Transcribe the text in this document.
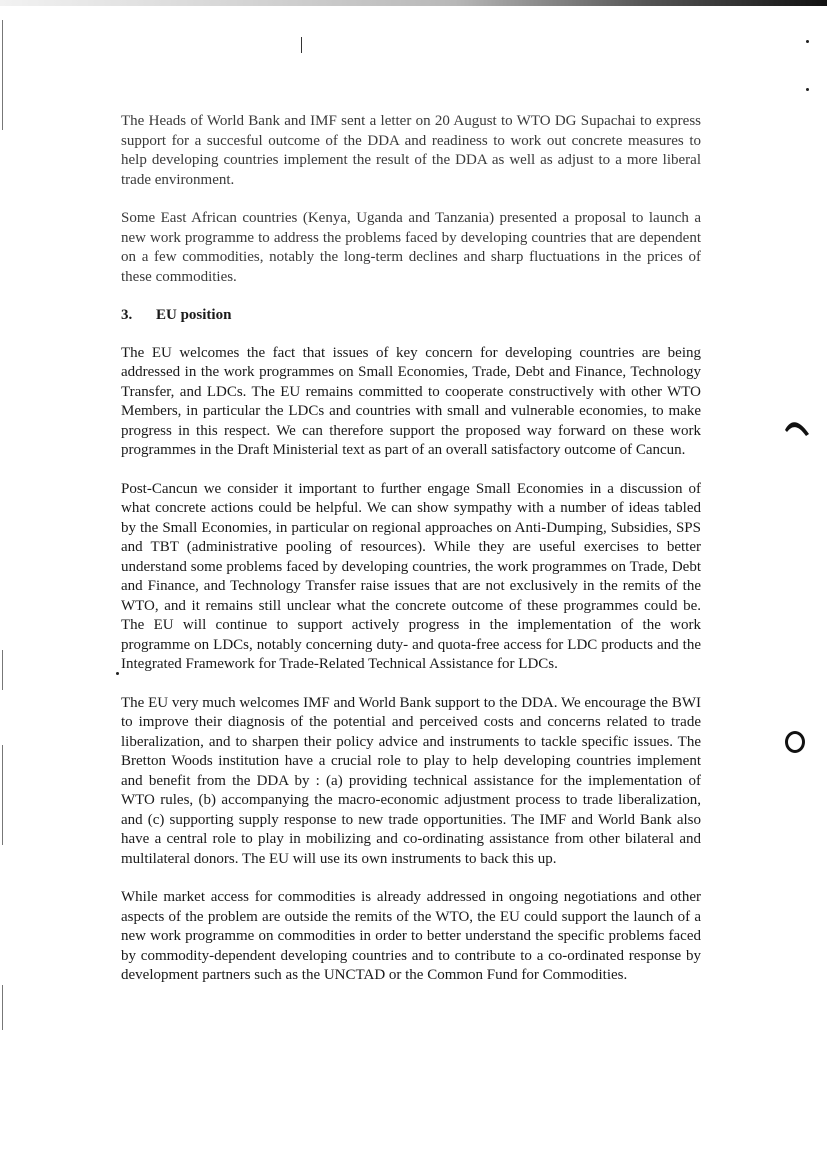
The Heads of World Bank and IMF sent a letter on 20 August to WTO DG Supachai to express support for a succesful outcome of the DDA and readiness to work out concrete measures to help developing countries implement the result of the DDA as well as adjust to a more liberal trade environment.

Some East African countries (Kenya, Uganda and Tanzania) presented a proposal to launch a new work programme to address the problems faced by developing countries that are dependent on a few commodities, notably the long-term declines and sharp fluctuations in the prices of these commodities.

3. EU position

The EU welcomes the fact that issues of key concern for developing countries are being addressed in the work programmes on Small Economies, Trade, Debt and Finance, Technology Transfer, and LDCs. The EU remains committed to cooperate constructively with other WTO Members, in particular the LDCs and countries with small and vulnerable economies, to make progress in this respect. We can therefore support the proposed way forward on these work programmes in the Draft Ministerial text as part of an overall satisfactory outcome of Cancun.

Post-Cancun we consider it important to further engage Small Economies in a discussion of what concrete actions could be helpful. We can show sympathy with a number of ideas tabled by the Small Economies, in particular on regional approaches on Anti-Dumping, Subsidies, SPS and TBT (administrative pooling of resources). While they are useful exercises to better understand some problems faced by developing countries, the work programmes on Trade, Debt and Finance, and Technology Transfer raise issues that are not exclusively in the remits of the WTO, and it remains still unclear what the concrete outcome of these programmes could be. The EU will continue to support actively progress in the implementation of the work programme on LDCs, notably concerning duty- and quota-free access for LDC products and the Integrated Framework for Trade-Related Technical Assistance for LDCs.

The EU very much welcomes IMF and World Bank support to the DDA. We encourage the BWI to improve their diagnosis of the potential and perceived costs and concerns related to trade liberalization, and to sharpen their policy advice and instruments to tackle specific issues. The Bretton Woods institution have a crucial role to play to help developing countries implement and benefit from the DDA by : (a) providing technical assistance for the implementation of WTO rules, (b) accompanying the macro-economic adjustment process to trade liberalization, and (c) supporting supply response to new trade opportunities. The IMF and World Bank also have a central role to play in mobilizing and co-ordinating assistance from other bilateral and multilateral donors. The EU will use its own instruments to back this up.

While market access for commodities is already addressed in ongoing negotiations and other aspects of the problem are outside the remits of the WTO, the EU could support the launch of a new work programme on commodities in order to better understand the specific problems faced by commodity-dependent developing countries and to contribute to a co-ordinated response by development partners such as the UNCTAD or the Common Fund for Commodities.
